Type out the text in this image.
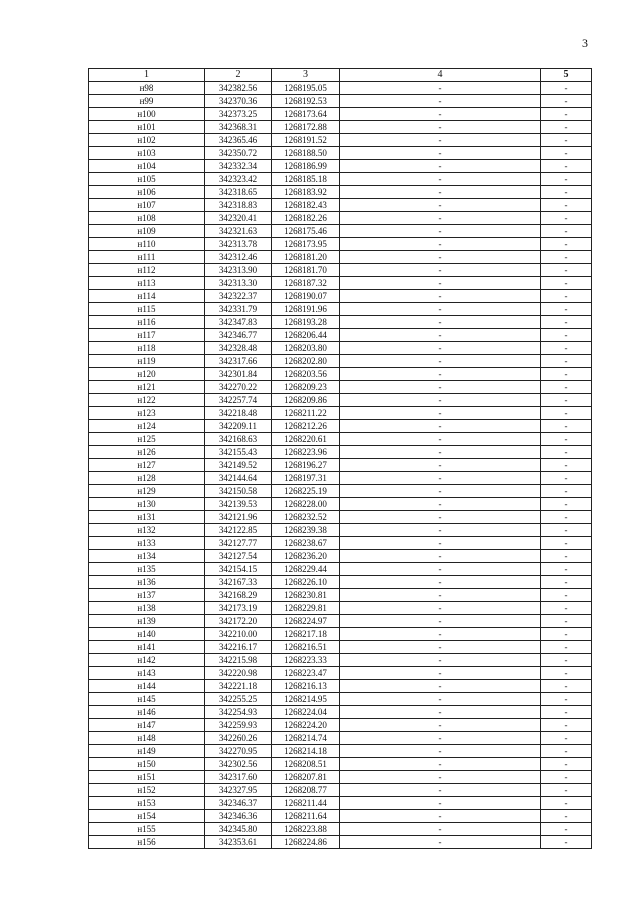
3
1	2	3	4	5
н98	342382.56	1268195.05	-	-
н99	342370.36	1268192.53	-	-
н100	342373.25	1268173.64	-	-
н101	342368.31	1268172.88	-	-
н102	342365.46	1268191.52	-	-
н103	342350.72	1268188.50	-	-
н104	342332.34	1268186.99	-	-
н105	342323.42	1268185.18	-	-
н106	342318.65	1268183.92	-	-
н107	342318.83	1268182.43	-	-
н108	342320.41	1268182.26	-	-
н109	342321.63	1268175.46	-	-
н110	342313.78	1268173.95	-	-
н111	342312.46	1268181.20	-	-
н112	342313.90	1268181.70	-	-
н113	342313.30	1268187.32	-	-
н114	342322.37	1268190.07	-	-
н115	342331.79	1268191.96	-	-
н116	342347.83	1268193.28	-	-
н117	342346.77	1268206.44	-	-
н118	342328.48	1268203.80	-	-
н119	342317.66	1268202.80	-	-
н120	342301.84	1268203.56	-	-
н121	342270.22	1268209.23	-	-
н122	342257.74	1268209.86	-	-
н123	342218.48	1268211.22	-	-
н124	342209.11	1268212.26	-	-
н125	342168.63	1268220.61	-	-
н126	342155.43	1268223.96	-	-
н127	342149.52	1268196.27	-	-
н128	342144.64	1268197.31	-	-
н129	342150.58	1268225.19	-	-
н130	342139.53	1268228.00	-	-
н131	342121.96	1268232.52	-	-
н132	342122.85	1268239.38	-	-
н133	342127.77	1268238.67	-	-
н134	342127.54	1268236.20	-	-
н135	342154.15	1268229.44	-	-
н136	342167.33	1268226.10	-	-
н137	342168.29	1268230.81	-	-
н138	342173.19	1268229.81	-	-
н139	342172.20	1268224.97	-	-
н140	342210.00	1268217.18	-	-
н141	342216.17	1268216.51	-	-
н142	342215.98	1268223.33	-	-
н143	342220.98	1268223.47	-	-
н144	342221.18	1268216.13	-	-
н145	342255.25	1268214.95	-	-
н146	342254.93	1268224.04	-	-
н147	342259.93	1268224.20	-	-
н148	342260.26	1268214.74	-	-
н149	342270.95	1268214.18	-	-
н150	342302.56	1268208.51	-	-
н151	342317.60	1268207.81	-	-
н152	342327.95	1268208.77	-	-
н153	342346.37	1268211.44	-	-
н154	342346.36	1268211.64	-	-
н155	342345.80	1268223.88	-	-
н156	342353.61	1268224.86	-	-
